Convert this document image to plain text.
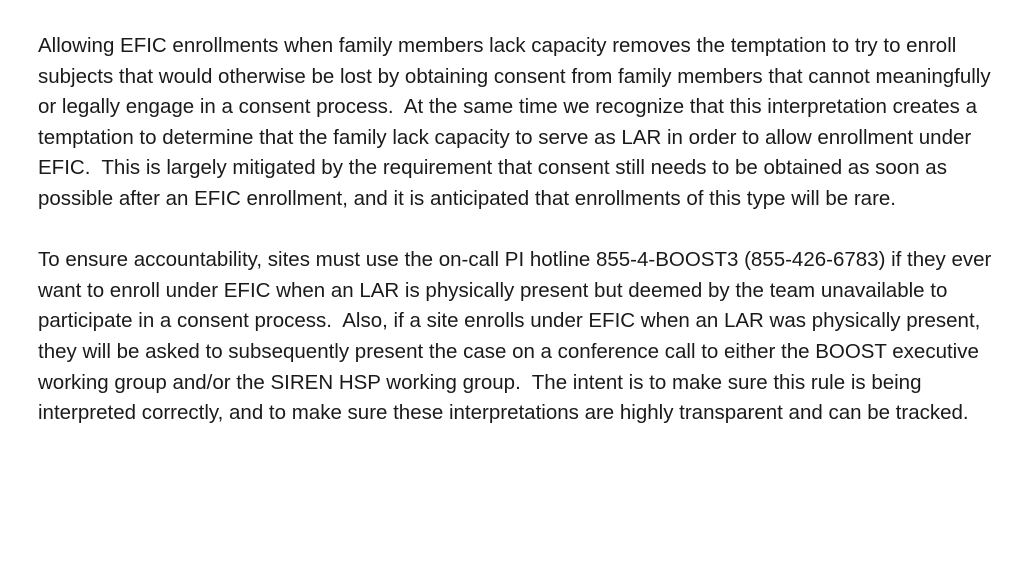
Allowing EFIC enrollments when family members lack capacity removes the temptation to try to enroll subjects that would otherwise be lost by obtaining consent from family members that cannot meaningfully or legally engage in a consent process.  At the same time we recognize that this interpretation creates a temptation to determine that the family lack capacity to serve as LAR in order to allow enrollment under EFIC.  This is largely mitigated by the requirement that consent still needs to be obtained as soon as possible after an EFIC enrollment, and it is anticipated that enrollments of this type will be rare.

To ensure accountability, sites must use the on-call PI hotline 855-4-BOOST3 (855-426-6783) if they ever want to enroll under EFIC when an LAR is physically present but deemed by the team unavailable to participate in a consent process.  Also, if a site enrolls under EFIC when an LAR was physically present, they will be asked to subsequently present the case on a conference call to either the BOOST executive working group and/or the SIREN HSP working group.  The intent is to make sure this rule is being interpreted correctly, and to make sure these interpretations are highly transparent and can be tracked.
